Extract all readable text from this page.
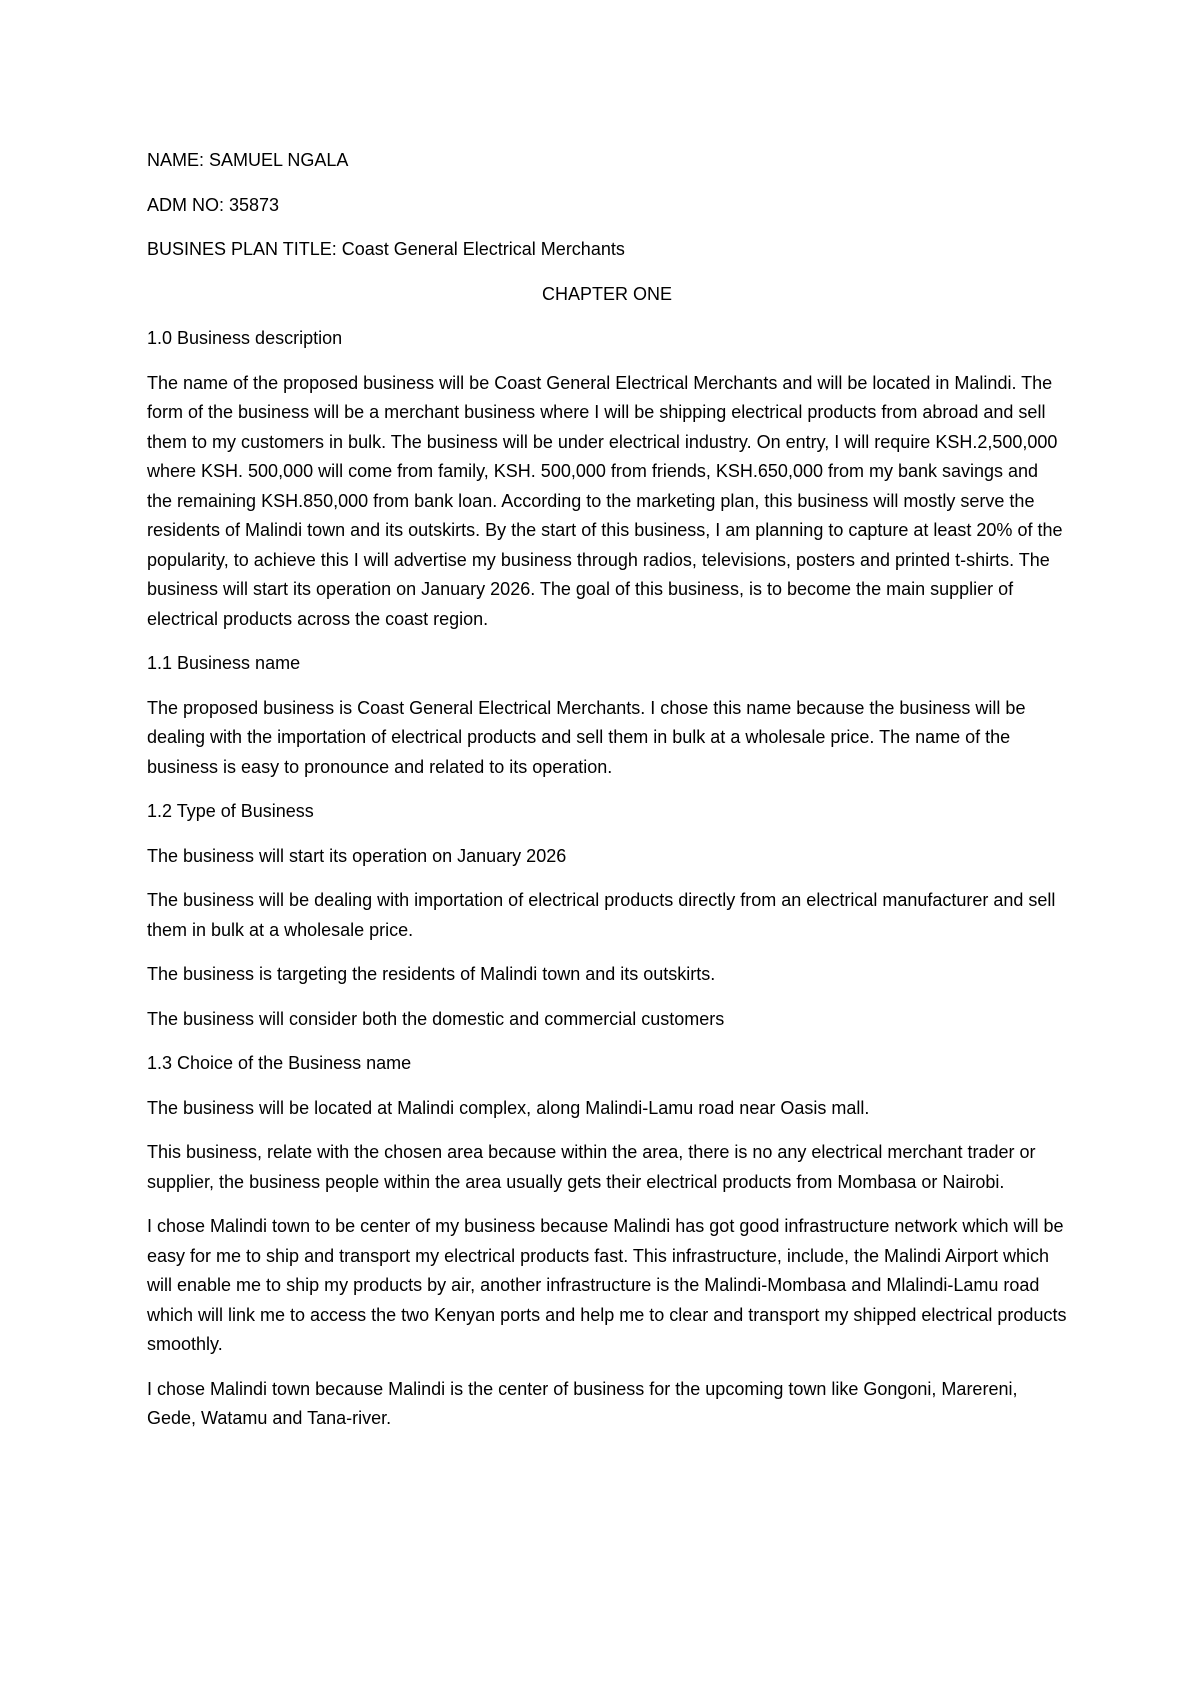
NAME: SAMUEL NGALA

ADM NO: 35873

BUSINES PLAN TITLE: Coast General Electrical Merchants

CHAPTER ONE

1.0 Business description

The name of the proposed business will be Coast General Electrical Merchants and will be located in Malindi. The form of the business will be a merchant business where I will be shipping electrical products from abroad and sell them to my customers in bulk. The business will be under electrical industry. On entry, I will require KSH.2,500,000 where KSH. 500,000 will come from family, KSH. 500,000 from friends, KSH.650,000 from my bank savings and the remaining KSH.850,000 from bank loan. According to the marketing plan, this business will mostly serve the residents of Malindi town and its outskirts. By the start of this business, I am planning to capture at least 20% of the popularity, to achieve this I will advertise my business through radios, televisions, posters and printed t-shirts. The business will start its operation on January 2026. The goal of this business, is to become the main supplier of electrical products across the coast region.

1.1 Business name

The proposed business is Coast General Electrical Merchants. I chose this name because the business will be dealing with the importation of electrical products and sell them in bulk at a wholesale price. The name of the business is easy to pronounce and related to its operation.

1.2 Type of Business

The business will start its operation on January 2026

The business will be dealing with importation of electrical products directly from an electrical manufacturer and sell them in bulk at a wholesale price.

The business is targeting the residents of Malindi town and its outskirts.

The business will consider both the domestic and commercial customers

1.3 Choice of the Business name

The business will be located at Malindi complex, along Malindi-Lamu road near Oasis mall.

This business, relate with the chosen area because within the area, there is no any electrical merchant trader or supplier, the business people within the area usually gets their electrical products from Mombasa or Nairobi.

I chose Malindi town to be center of my business because Malindi has got good infrastructure network which will be easy for me to ship and transport my electrical products fast. This infrastructure, include, the Malindi Airport which will enable me to ship my products by air, another infrastructure is the Malindi-Mombasa and Mlalindi-Lamu road which will link me to access the two Kenyan ports and help me to clear and transport my shipped electrical products smoothly.

I chose Malindi town because Malindi is the center of business for the upcoming town like Gongoni, Marereni, Gede, Watamu and Tana-river.
